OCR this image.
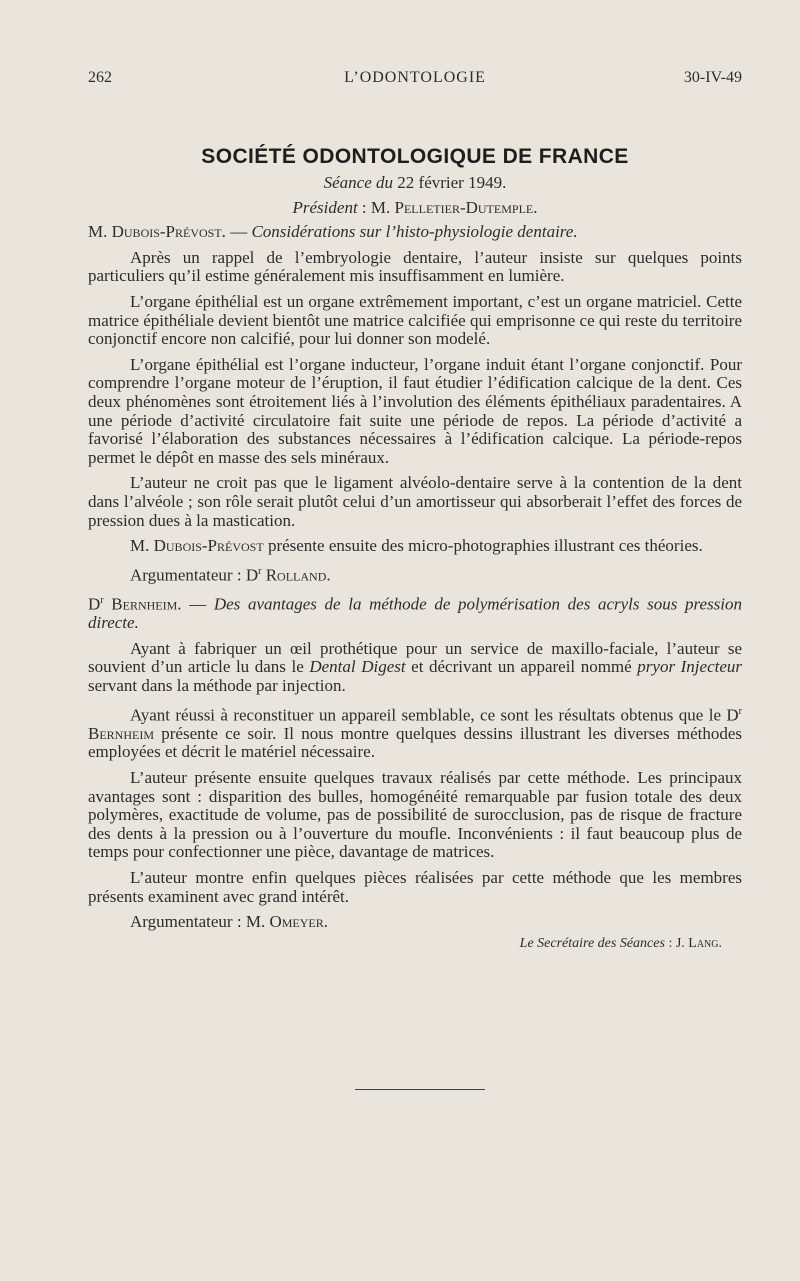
262	L’ODONTOLOGIE	30-IV-49
SOCIÉTÉ ODONTOLOGIQUE DE FRANCE
Séance du 22 février 1949.
Président : M. Pelletier-Dutemple.

M. Dubois-Prévost. — Considérations sur l’histo-physiologie dentaire.

Après un rappel de l’embryologie dentaire, l’auteur insiste sur quelques points particuliers qu’il estime généralement mis insuffisamment en lumière.

L’organe épithélial est un organe extrêmement important, c’est un organe matriciel. Cette matrice épithéliale devient bientôt une matrice calcifiée qui emprisonne ce qui reste du territoire conjonctif encore non calcifié, pour lui donner son modelé.

L’organe épithélial est l’organe inducteur, l’organe induit étant l’organe conjonctif. Pour comprendre l’organe moteur de l’éruption, il faut étudier l’édification calcique de la dent. Ces deux phénomènes sont étroitement liés à l’involution des éléments épithéliaux paradentaires. A une période d’activité circulatoire fait suite une période de repos. La période d’activité a favorisé l’élaboration des substances nécessaires à l’édification calcique. La période-repos permet le dépôt en masse des sels minéraux.

L’auteur ne croit pas que le ligament alvéolo-dentaire serve à la contention de la dent dans l’alvéole ; son rôle serait plutôt celui d’un amortisseur qui absorberait l’effet des forces de pression dues à la mastication.

M. Dubois-Prévost présente ensuite des micro-photographies illustrant ces théories.

Argumentateur : $D^r$ Rolland.

$D^r$ Bernheim. — Des avantages de la méthode de polymérisation des acryls sous pression directe.

Ayant à fabriquer un œil prothétique pour un service de maxillo-faciale, l’auteur se souvient d’un article lu dans le Dental Digest et décrivant un appareil nommé pryor Injecteur servant dans la méthode par injection.

Ayant réussi à reconstituer un appareil semblable, ce sont les résultats obtenus que le $D^r$ Bernheim présente ce soir. Il nous montre quelques dessins illustrant les diverses méthodes employées et décrit le matériel nécessaire.

L’auteur présente ensuite quelques travaux réalisés par cette méthode. Les principaux avantages sont : disparition des bulles, homogénéité remarquable par fusion totale des deux polymères, exactitude de volume, pas de possibilité de surocclusion, pas de risque de fracture des dents à la pression ou à l’ouverture du moufle. Inconvénients : il faut beaucoup plus de temps pour confectionner une pièce, davantage de matrices.

L’auteur montre enfin quelques pièces réalisées par cette méthode que les membres présents examinent avec grand intérêt.

Argumentateur : M. Omeyer.

Le Secrétaire des Séances : J. Lang.
